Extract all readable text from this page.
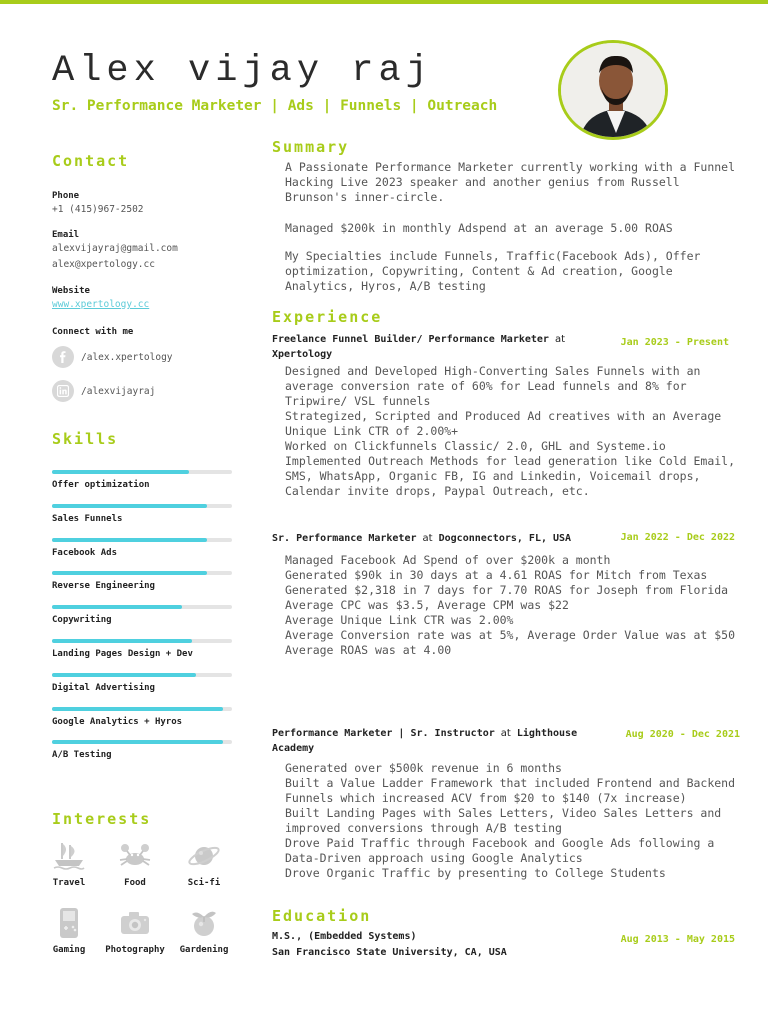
Alex vijay raj
Sr. Performance Marketer | Ads | Funnels | Outreach
Contact
Phone
+1 (415)967-2502
Email
alexvijayraj@gmail.com
alex@xpertology.cc
Website
www.xpertology.cc
Connect with me
/alex.xpertology
/alexvijayraj
Skills
Offer optimization
Sales Funnels
Facebook Ads
Reverse Engineering
Copywriting
Landing Pages Design + Dev
Digital Advertising
Google Analytics + Hyros
A/B Testing
Interests
Travel	Food	Sci-fi
Gaming	Photography	Gardening
Summary
A Passionate Performance Marketer currently working with a Funnel Hacking Live 2023 speaker and another genius from Russell Brunson's inner-circle.
Managed $200k in monthly Adspend at an average 5.00 ROAS
My Specialties include Funnels, Traffic(Facebook Ads), Offer optimization, Copywriting, Content & Ad creation, Google Analytics, Hyros, A/B testing
Experience
Freelance Funnel Builder/ Performance Marketer at
Xpertology
Jan 2023 - Present
Designed and Developed High-Converting Sales Funnels with an average conversion rate of 60% for Lead funnels and 8% for Tripwire/ VSL funnels
Strategized, Scripted and Produced Ad creatives with an Average Unique Link CTR of 2.00%+
Worked on Clickfunnels Classic/ 2.0, GHL and Systeme.io
Implemented Outreach Methods for lead generation like Cold Email, SMS, WhatsApp, Organic FB, IG and Linkedin, Voicemail drops, Calendar invite drops, Paypal Outreach, etc.
Sr. Performance Marketer at Dogconnectors, FL, USA	Jan 2022 - Dec 2022
Managed Facebook Ad Spend of over $200k a month
Generated $90k in 30 days at a 4.61 ROAS for Mitch from Texas
Generated $2,318 in 7 days for 7.70 ROAS for Joseph from Florida
Average CPC was $3.5, Average CPM was $22
Average Unique Link CTR was 2.00%
Average Conversion rate was at 5%, Average Order Value was at $50
Average ROAS was at 4.00
Performance Marketer | Sr. Instructor at Lighthouse Academy
Aug 2020 - Dec 2021
Generated over $500k revenue in 6 months
Built a Value Ladder Framework that included Frontend and Backend Funnels which increased ACV from $20 to $140 (7x increase)
Built Landing Pages with Sales Letters, Video Sales Letters and improved conversions through A/B testing
Drove Paid Traffic through Facebook and Google Ads following a Data-Driven approach using Google Analytics
Drove Organic Traffic by presenting to College Students
Education
M.S., (Embedded Systems)
San Francisco State University, CA, USA
Aug 2013 - May 2015
